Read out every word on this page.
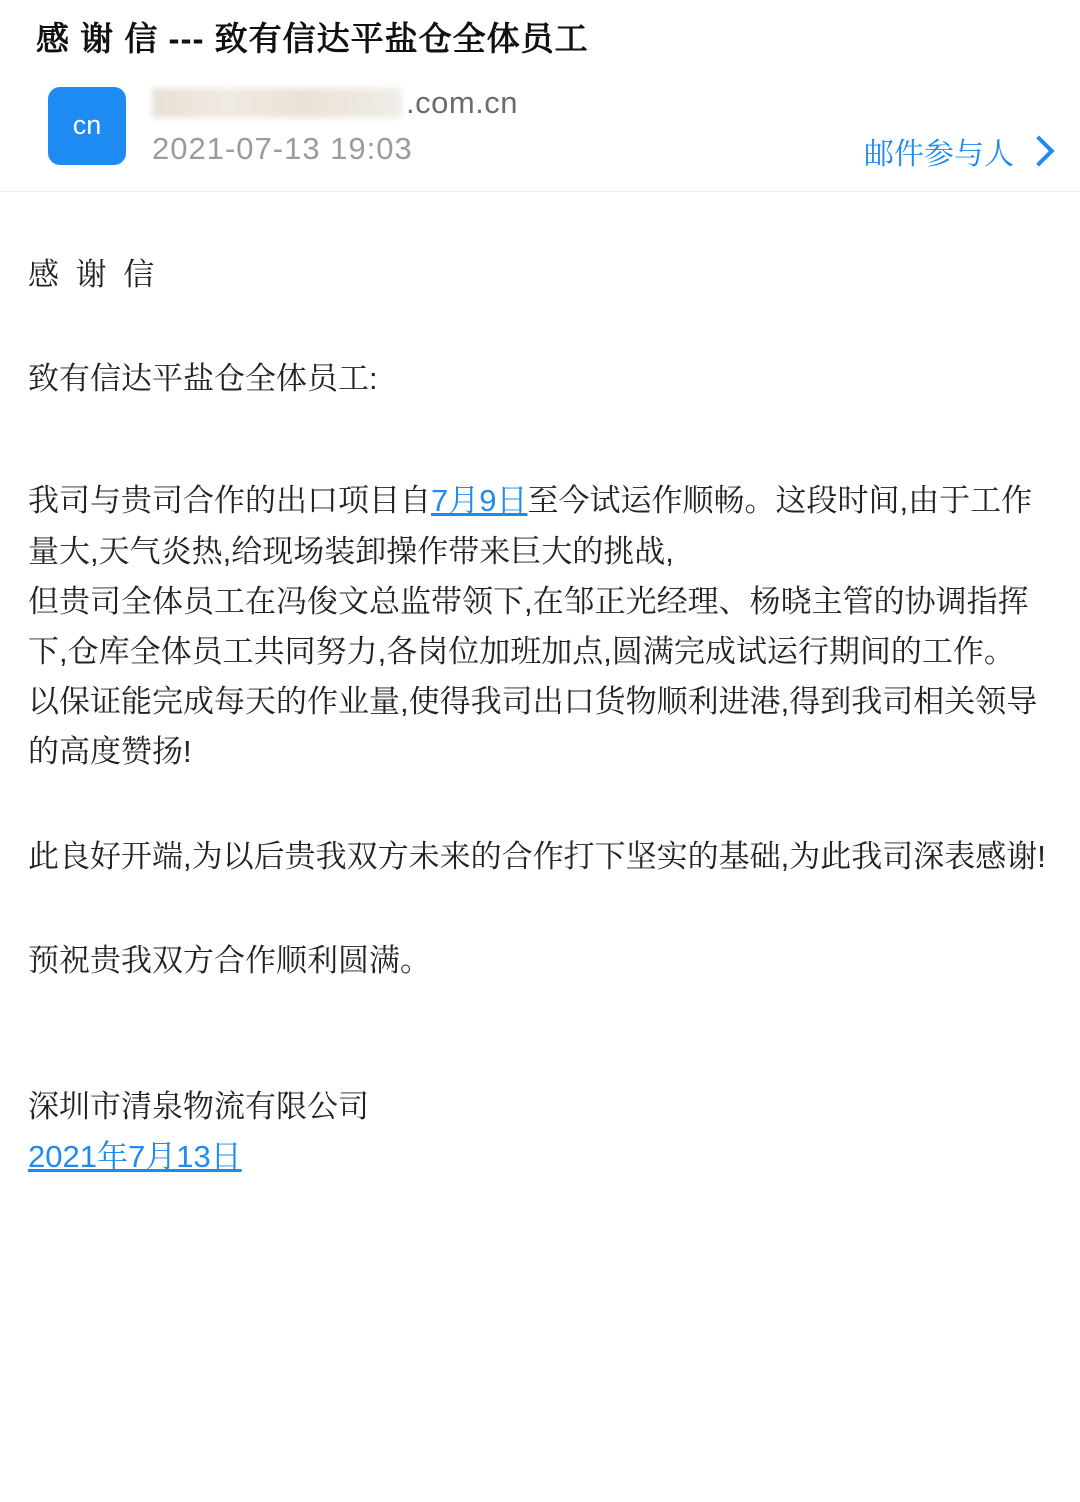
感 谢 信 --- 致有信达平盐仓全体员工
cn
.com.cn
2021-07-13 19:03	邮件参与人

感 谢 信

致有信达平盐仓全体员工:

我司与贵司合作的出口项目自7月9日至今试运作顺畅。这段时间,由于工作量大,天气炎热,给现场装卸操作带来巨大的挑战,

但贵司全体员工在冯俊文总监带领下,在邹正光经理、杨晓主管的协调指挥下,仓库全体员工共同努力,各岗位加班加点,圆满完成试运行期间的工作。

以保证能完成每天的作业量,使得我司出口货物顺利进港,得到我司相关领导的高度赞扬!

此良好开端,为以后贵我双方未来的合作打下坚实的基础,为此我司深表感谢!

预祝贵我双方合作顺利圆满。

深圳市清泉物流有限公司

2021年7月13日
